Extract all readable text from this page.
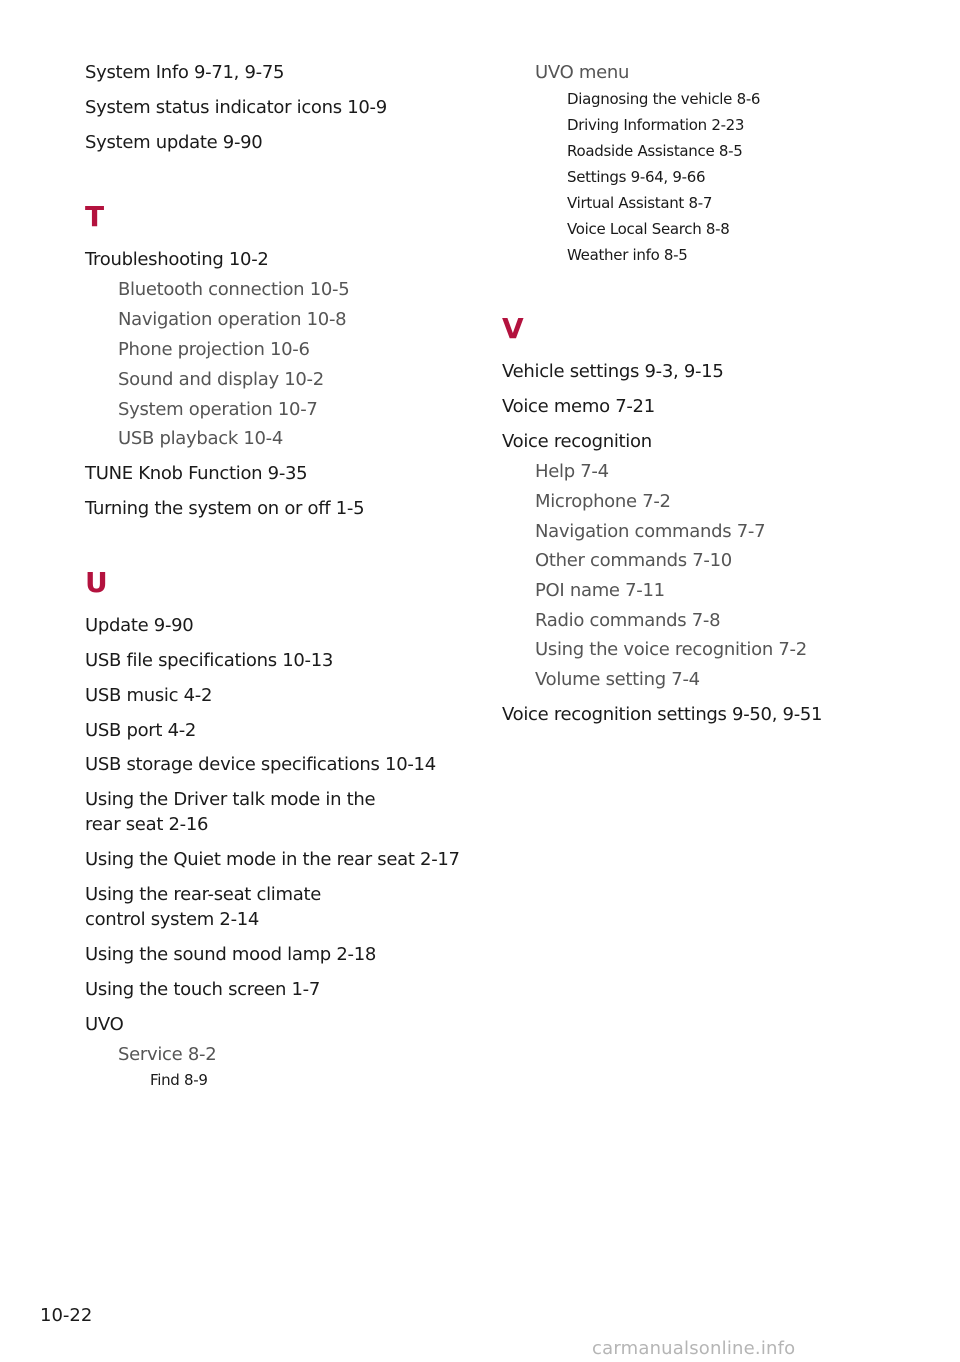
System Info 9-71, 9-75
System status indicator icons 10-9
System update 9-90
T
Troubleshooting 10-2
Bluetooth connection 10-5
Navigation operation 10-8
Phone projection 10-6
Sound and display 10-2
System operation 10-7
USB playback 10-4
TUNE Knob Function 9-35
Turning the system on or off 1-5
U
Update 9-90
USB file specifications 10-13
USB music 4-2
USB port 4-2
USB storage device specifications 10-14
Using the Driver talk mode in the rear seat 2-16
Using the Quiet mode in the rear seat 2-17
Using the rear-seat climate control system 2-14
Using the sound mood lamp 2-18
Using the touch screen 1-7
UVO
Service 8-2
Find 8-9
UVO menu
Diagnosing the vehicle 8-6
Driving Information 2-23
Roadside Assistance 8-5
Settings 9-64, 9-66
Virtual Assistant 8-7
Voice Local Search 8-8
Weather info 8-5
V
Vehicle settings 9-3, 9-15
Voice memo 7-21
Voice recognition
Help 7-4
Microphone 7-2
Navigation commands 7-7
Other commands 7-10
POI name 7-11
Radio commands 7-8
Using the voice recognition 7-2
Volume setting 7-4
Voice recognition settings 9-50, 9-51
10-22
carmanualsonline.info
